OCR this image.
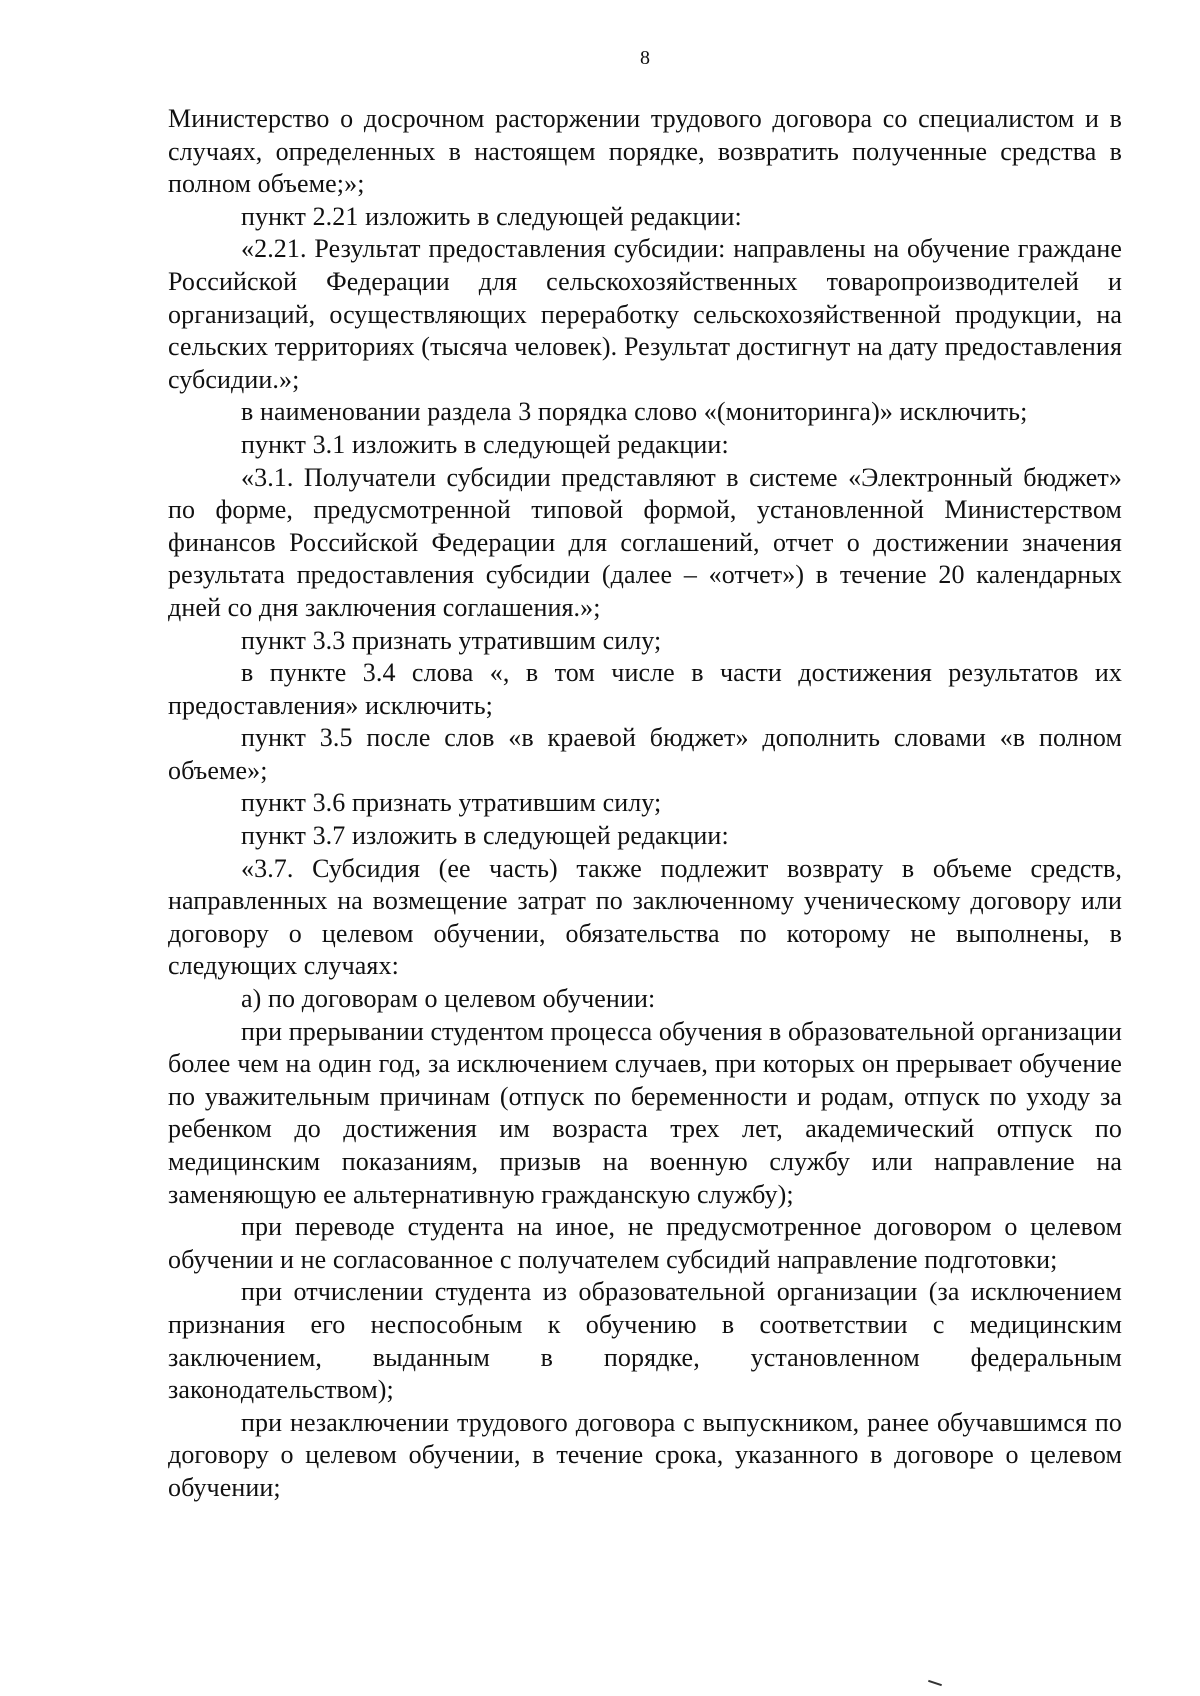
8

Министерство о досрочном расторжении трудового договора со специалистом и в случаях, определенных в настоящем порядке, возвратить полученные средства в полном объеме;»;

пункт 2.21 изложить в следующей редакции:

«2.21. Результат предоставления субсидии: направлены на обучение граждане Российской Федерации для сельскохозяйственных товаропроизводителей и организаций, осуществляющих переработку сельскохозяйственной продукции, на сельских территориях (тысяча человек). Результат достигнут на дату предоставления субсидии.»;

в наименовании раздела 3 порядка слово «(мониторинга)» исключить;

пункт 3.1 изложить в следующей редакции:

«3.1. Получатели субсидии представляют в системе «Электронный бюджет» по форме, предусмотренной типовой формой, установленной Министерством финансов Российской Федерации для соглашений, отчет о достижении значения результата предоставления субсидии (далее – «отчет») в течение 20 календарных дней со дня заключения соглашения.»;

пункт 3.3 признать утратившим силу;

в пункте 3.4 слова «, в том числе в части достижения результатов их предоставления» исключить;

пункт 3.5 после слов «в краевой бюджет» дополнить словами «в полном объеме»;

пункт 3.6 признать утратившим силу;

пункт 3.7 изложить в следующей редакции:

«3.7. Субсидия (ее часть) также подлежит возврату в объеме средств, направленных на возмещение затрат по заключенному ученическому договору или договору о целевом обучении, обязательства по которому не выполнены, в следующих случаях:

а) по договорам о целевом обучении:

при прерывании студентом процесса обучения в образовательной организации более чем на один год, за исключением случаев, при которых он прерывает обучение по уважительным причинам (отпуск по беременности и родам, отпуск по уходу за ребенком до достижения им возраста трех лет, академический отпуск по медицинским показаниям, призыв на военную службу или направление на заменяющую ее альтернативную гражданскую службу);

при переводе студента на иное, не предусмотренное договором о целевом обучении и не согласованное с получателем субсидий направление подготовки;

при отчислении студента из образовательной организации (за исключением признания его неспособным к обучению в соответствии с медицинским заключением, выданным в порядке, установленном федеральным законодательством);

при незаключении трудового договора с выпускником, ранее обучавшимся по договору о целевом обучении, в течение срока, указанного в договоре о целевом обучении;
